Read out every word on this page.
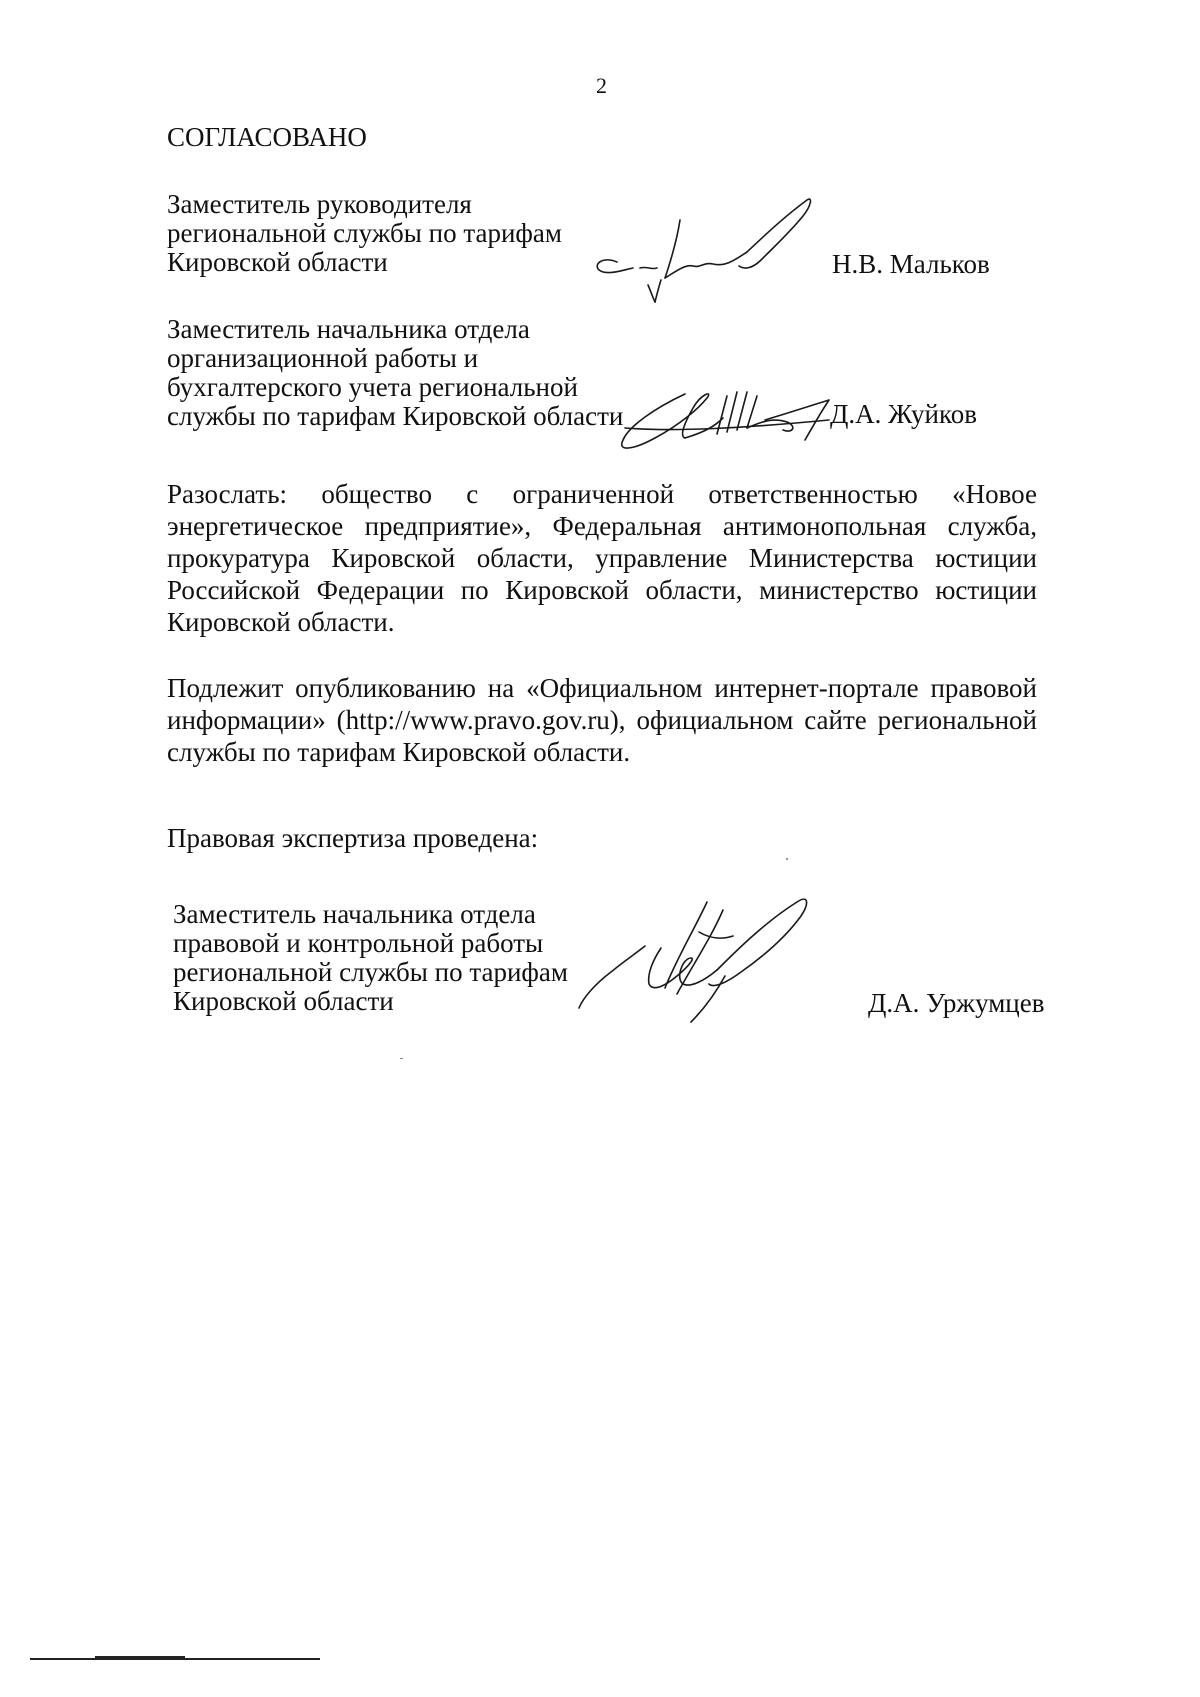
2
СОГЛАСОВАНО
Заместитель руководителя
региональной службы по тарифам
Кировской области	Н.В. Мальков
Заместитель начальника отдела
организационной работы и
бухгалтерского учета региональной
службы по тарифам Кировской области	Д.А. Жуйков
Разослать: общество с ограниченной ответственностью «Новое
энергетическое предприятие», Федеральная антимонопольная служба,
прокуратура Кировской области, управление Министерства юстиции
Российской Федерации по Кировской области, министерство юстиции
Кировской области.
Подлежит опубликованию на «Официальном интернет-портале правовой
информации» (http://www.pravo.gov.ru), официальном сайте региональной
службы по тарифам Кировской области.
Правовая экспертиза проведена:
Заместитель начальника отдела
правовой и контрольной работы
региональной службы по тарифам
Кировской области	Д.А. Уржумцев
